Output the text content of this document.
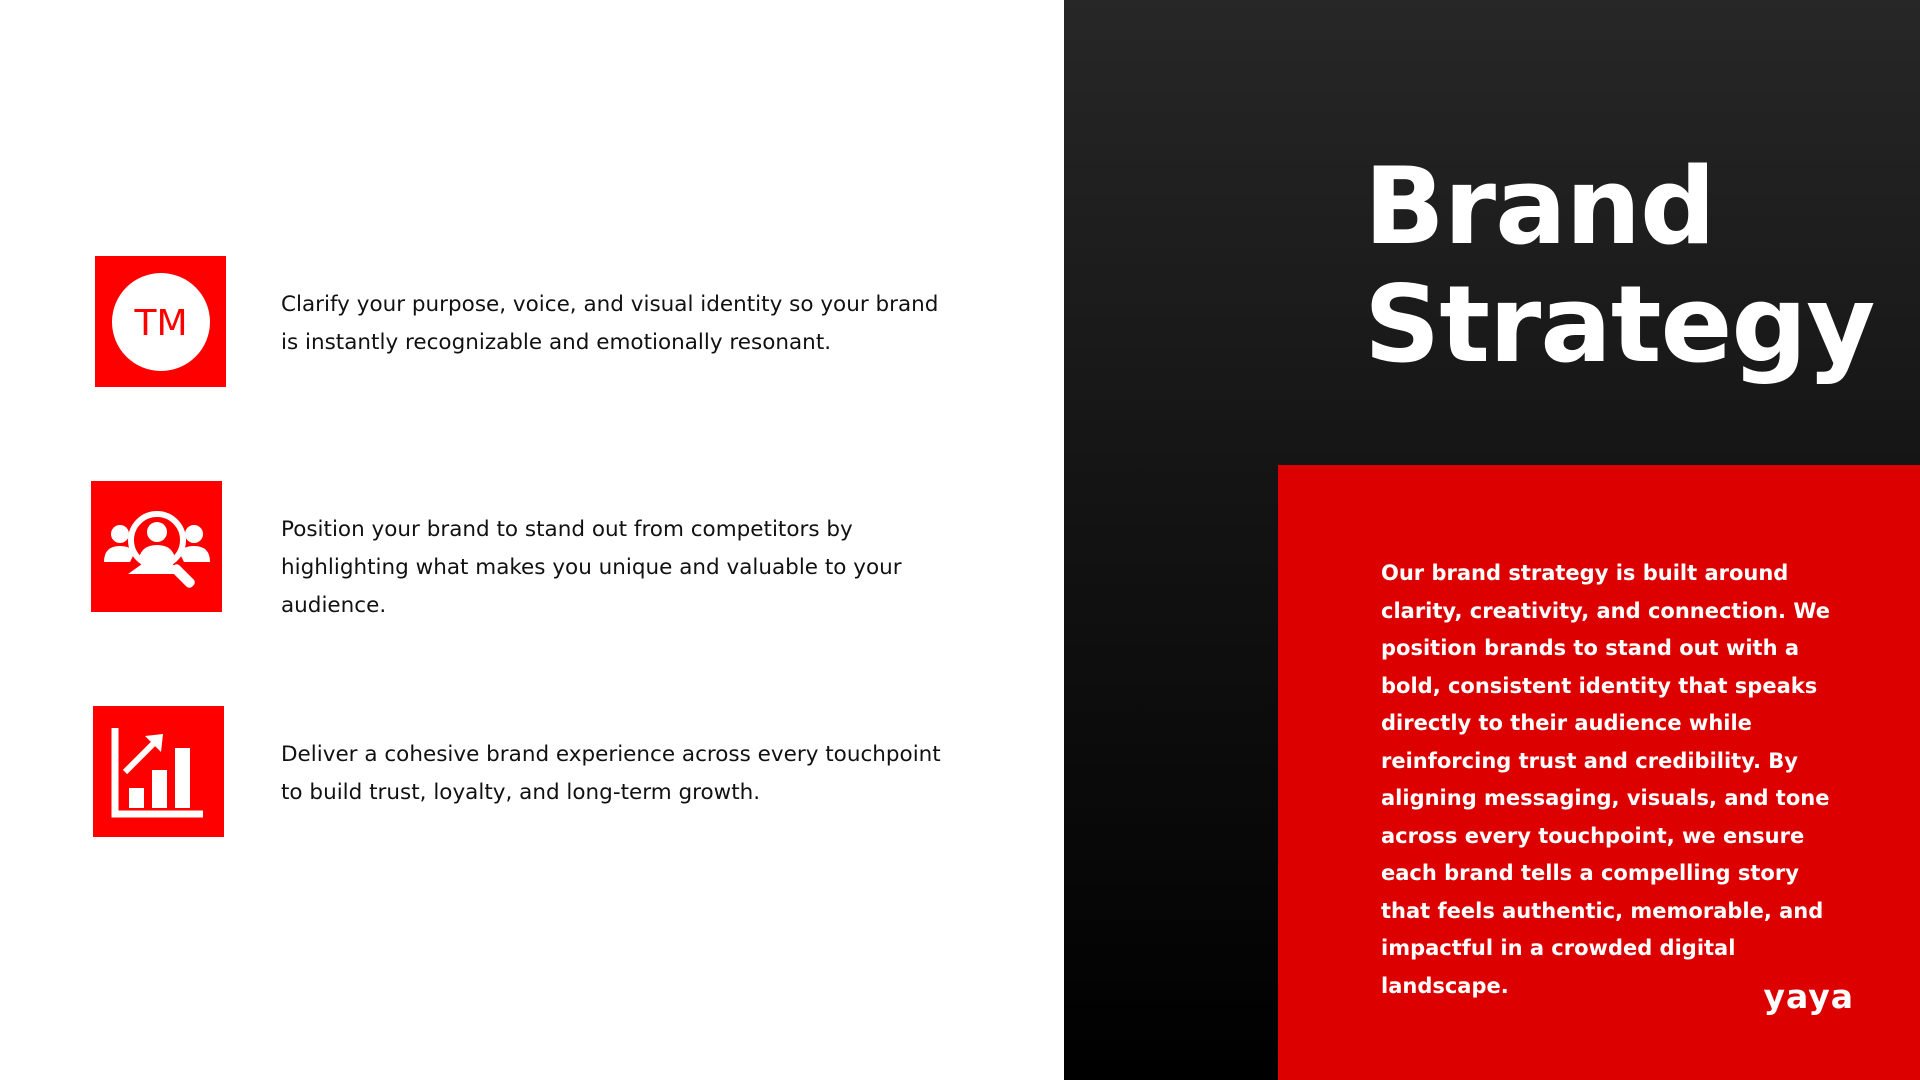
TM	Clarify your purpose, voice, and visual identity so your brand is instantly recognizable and emotionally resonant.
Position your brand to stand out from competitors by highlighting what makes you unique and valuable to your audience.
Deliver a cohesive brand experience across every touchpoint to build trust, loyalty, and long-term growth.
Brand
Strategy
Our brand strategy is built around clarity, creativity, and connection. We position brands to stand out with a bold, consistent identity that speaks directly to their audience while reinforcing trust and credibility. By aligning messaging, visuals, and tone across every touchpoint, we ensure each brand tells a compelling story that feels authentic, memorable, and impactful in a crowded digital landscape.	yaya
